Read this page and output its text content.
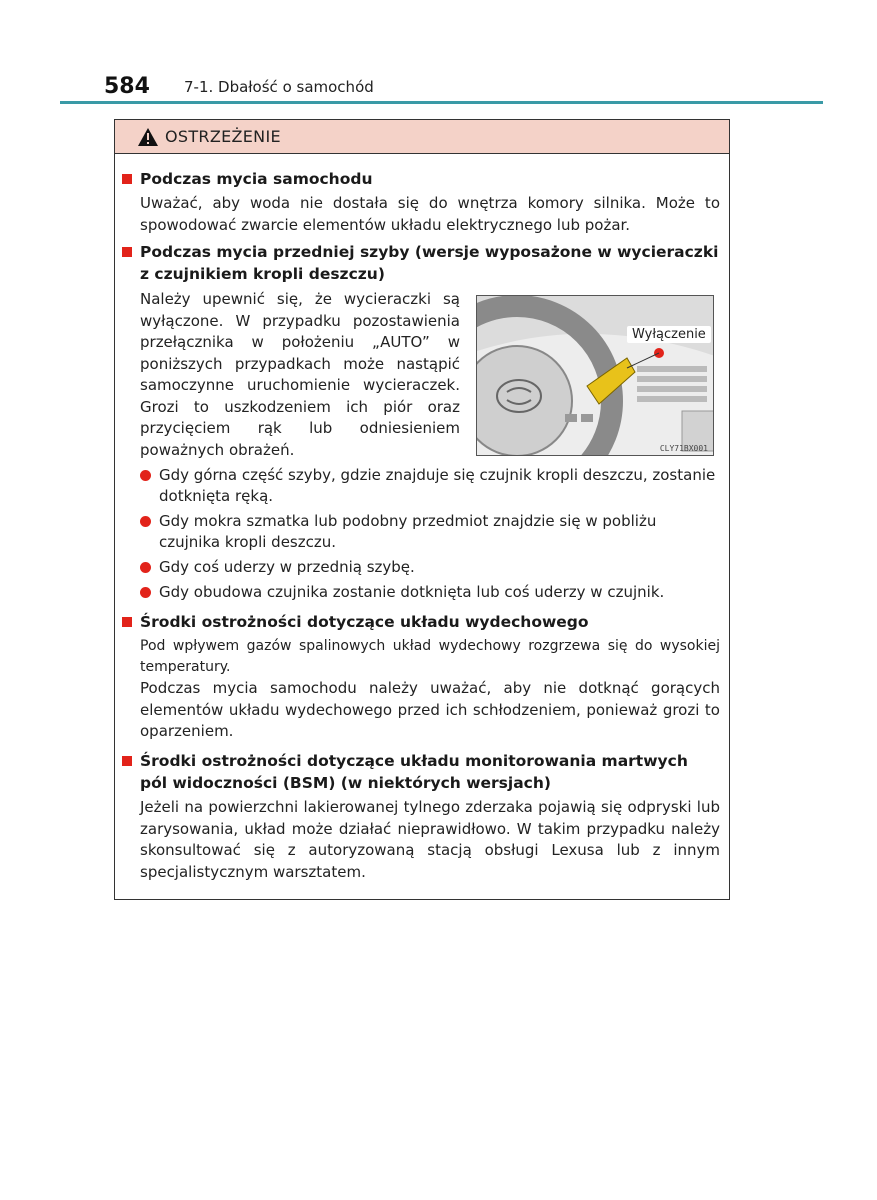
584 7-1. Dbałość o samochód
OSTRZEŻENIE
Podczas mycia samochodu
Uważać, aby woda nie dostała się do wnętrza komory silnika. Może to spowodować zwarcie elementów układu elektrycznego lub pożar.
Podczas mycia przedniej szyby (wersje wyposażone w wycieraczki z czujnikiem kropli deszczu)
Należy upewnić się, że wycieraczki są wyłączone. W przypadku pozostawienia przełącznika w położeniu „AUTO” w poniższych przypadkach może nastąpić samoczynne uruchomienie wycieraczek. Grozi to uszkodzeniem ich piór oraz przycięciem rąk lub odniesieniem poważnych obrażeń.
Gdy górna część szyby, gdzie znajduje się czujnik kropli deszczu, zostanie dotknięta ręką.
Gdy mokra szmatka lub podobny przedmiot znajdzie się w pobliżu czujnika kropli deszczu.
Gdy coś uderzy w przednią szybę.
Gdy obudowa czujnika zostanie dotknięta lub coś uderzy w czujnik.
Wyłączenie
CLY71BX001
Środki ostrożności dotyczące układu wydechowego
Pod wpływem gazów spalinowych układ wydechowy rozgrzewa się do wysokiej temperatury.
Podczas mycia samochodu należy uważać, aby nie dotknąć gorących elementów układu wydechowego przed ich schłodzeniem, ponieważ grozi to oparzeniem.
Środki ostrożności dotyczące układu monitorowania martwych pól widoczności (BSM) (w niektórych wersjach)
Jeżeli na powierzchni lakierowanej tylnego zderzaka pojawią się odpryski lub zarysowania, układ może działać nieprawidłowo. W takim przypadku należy skonsultować się z autoryzowaną stacją obsługi Lexusa lub z innym specjalistycznym warsztatem.
